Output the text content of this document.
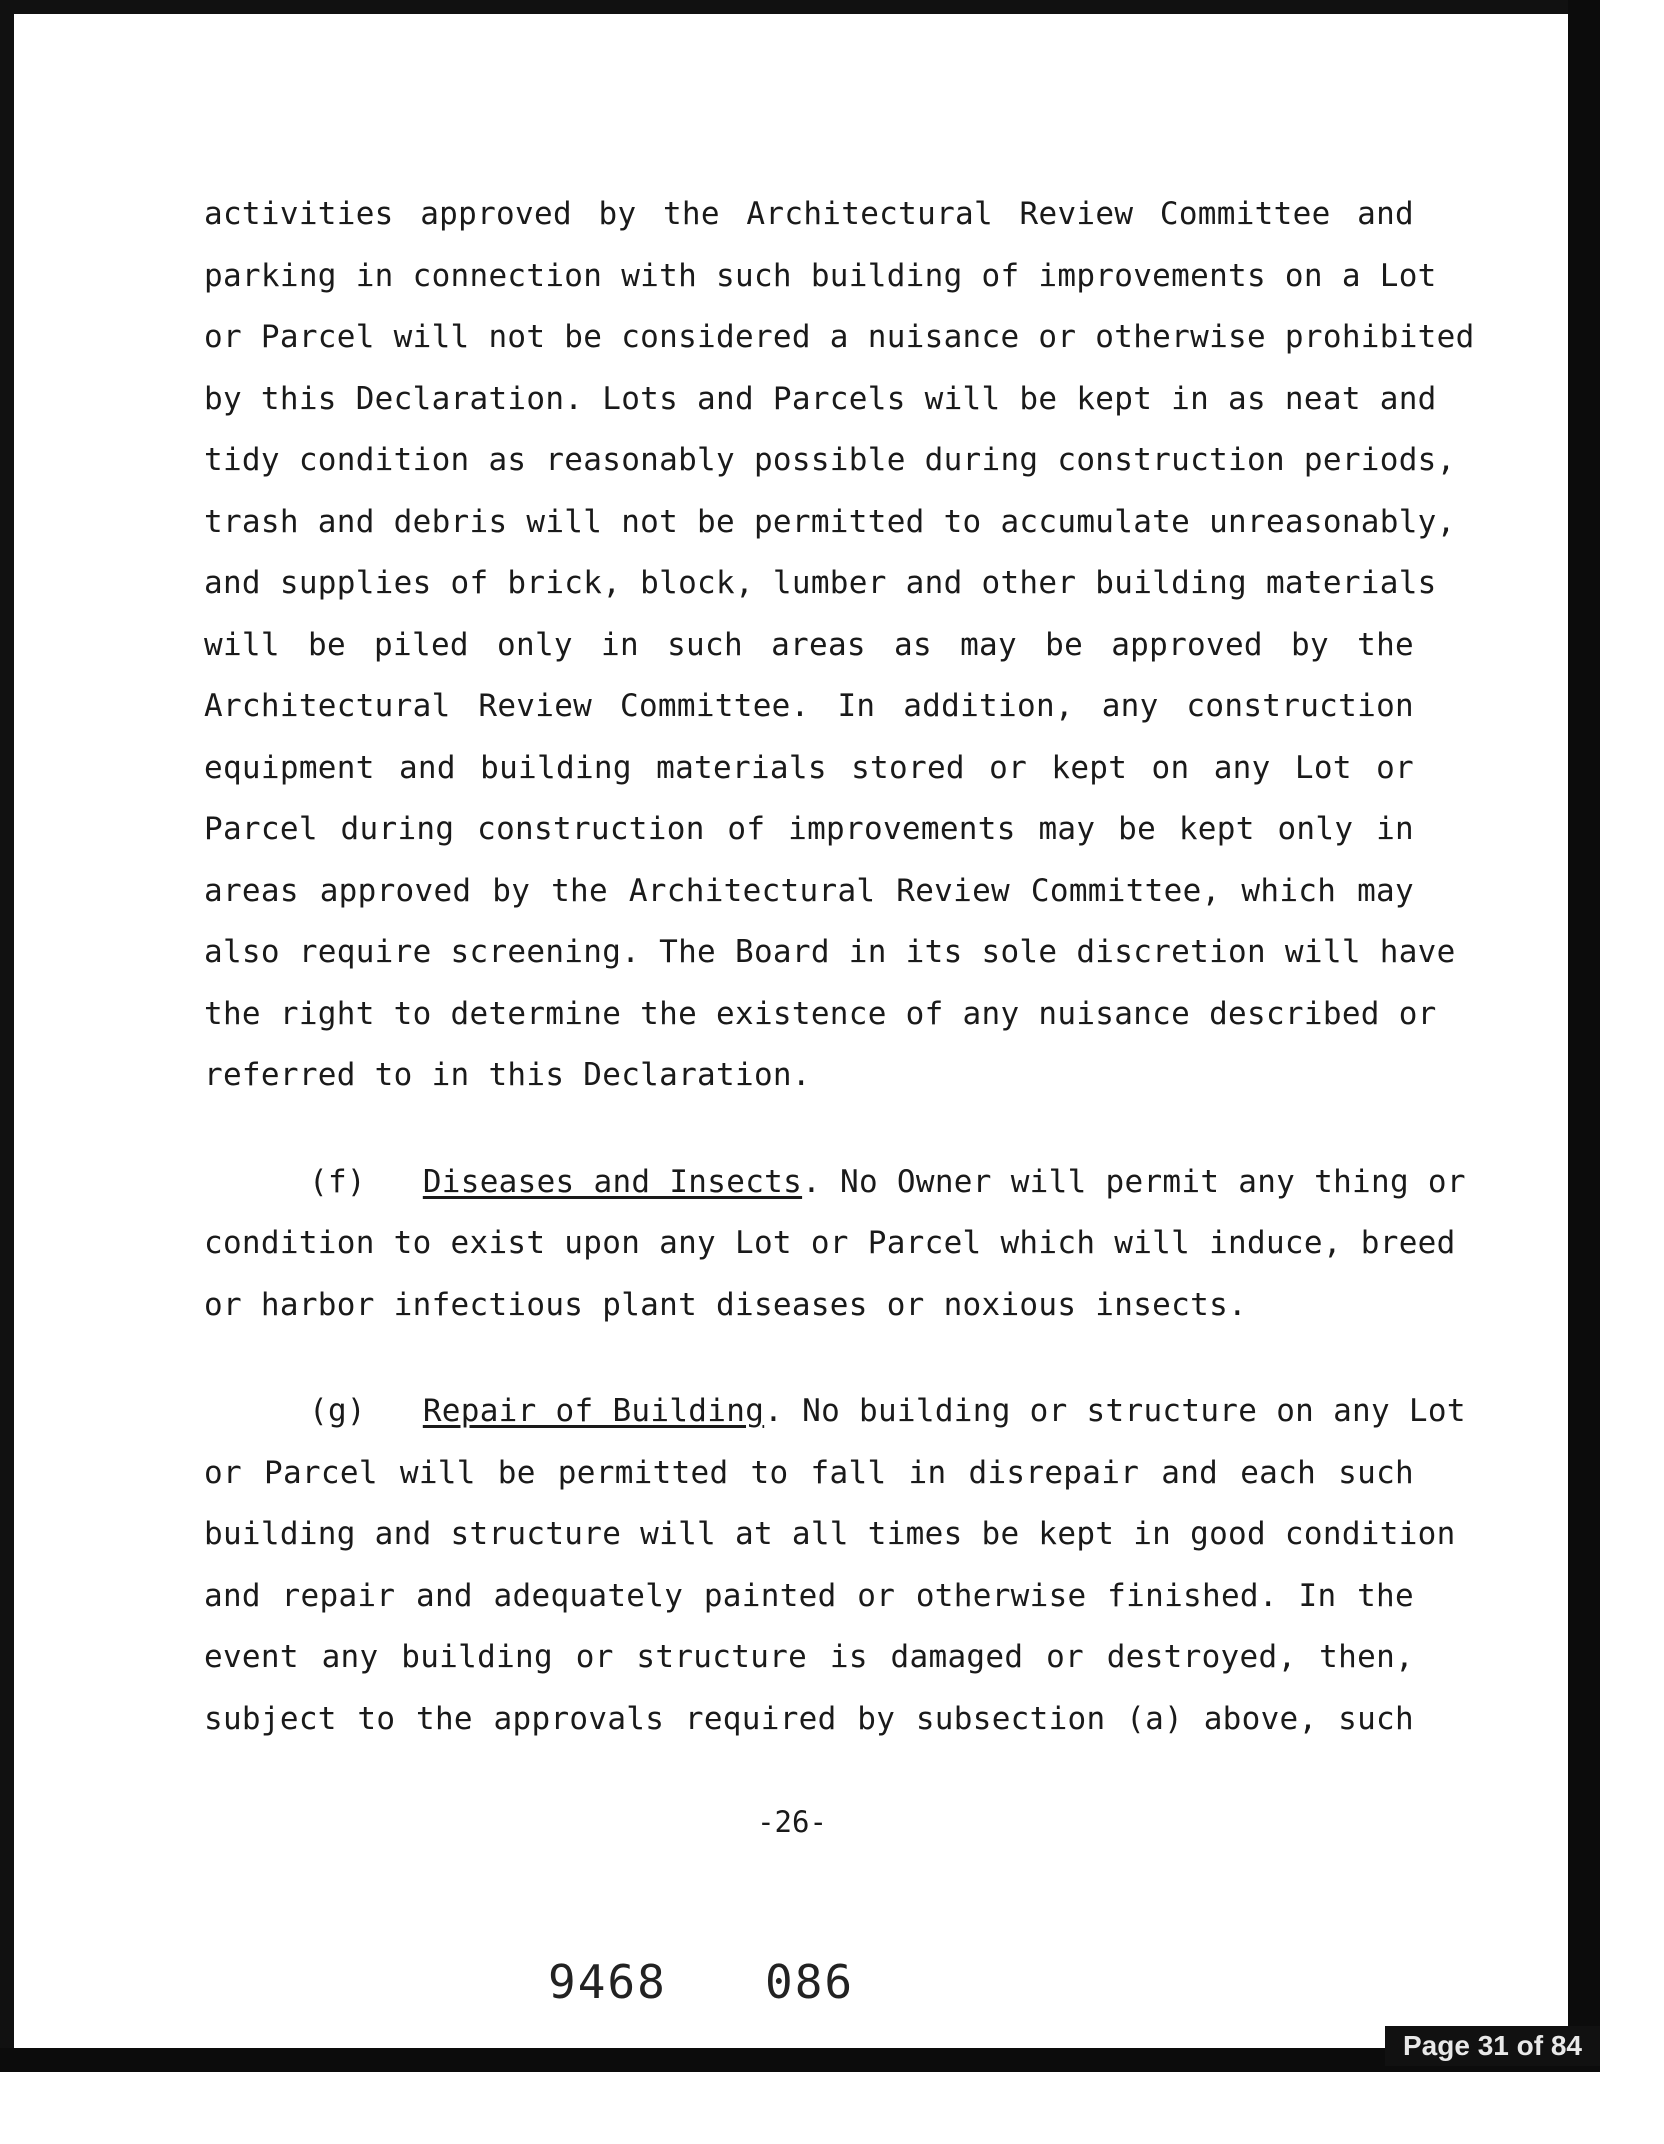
activities approved by the Architectural Review Committee and
parking in connection with such building of improvements on a Lot
or Parcel will not be considered a nuisance or otherwise prohibited
by this Declaration. Lots and Parcels will be kept in as neat and
tidy condition as reasonably possible during construction periods,
trash and debris will not be permitted to accumulate unreasonably,
and supplies of brick, block, lumber and other building materials
will be piled only in such areas as may be approved by the
Architectural Review Committee. In addition, any construction
equipment and building materials stored or kept on any Lot or
Parcel during construction of improvements may be kept only in
areas approved by the Architectural Review Committee, which may
also require screening. The Board in its sole discretion will have
the right to determine the existence of any nuisance described or
referred to in this Declaration.
(f) Diseases and Insects. No Owner will permit any thing or
condition to exist upon any Lot or Parcel which will induce, breed
or harbor infectious plant diseases or noxious insects.
(g) Repair of Building. No building or structure on any Lot
or Parcel will be permitted to fall in disrepair and each such
building and structure will at all times be kept in good condition
and repair and adequately painted or otherwise finished. In the
event any building or structure is damaged or destroyed, then,
subject to the approvals required by subsection (a) above, such
-26-
9468 086
Page 31 of 84
